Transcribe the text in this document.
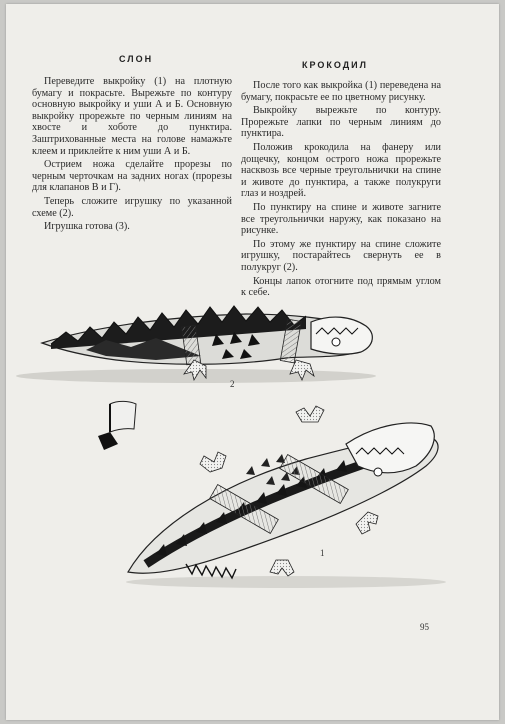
СЛОН
КРОКОДИЛ

Переведите выкройку (1) на плотную бумагу и покрасьте. Вырежьте по контуру основную выкройку и уши А и Б. Основную выкройку прорежьте по черным линиям на хвосте и хоботе до пунктира. Заштрихованные места на голове намажьте клеем и приклейте к ним уши А и Б.

Острием ножа сделайте прорезы по черным черточкам на задних ногах (прорезы для клапанов В и Г).

Теперь сложите игрушку по указанной схеме (2).

Игрушка готова (3).

После того как выкройка (1) переведена на бумагу, покрасьте ее по цветному рисунку.

Выкройку вырежьте по контуру. Прорежьте лапки по черным линиям до пунктира.

Положив крокодила на фанеру или дощечку, концом острого ножа прорежьте насквозь все черные треугольнички на спине и животе до пунктира, а также полукруги глаз и ноздрей.

По пунктиру на спине и животе загните все треугольнички наружу, как показано на рисунке.

По этому же пунктиру на спине сложите игрушку, постарайтесь свернуть ее в полукруг (2).

Концы лапок отогните под прямым углом к себе.

2
1
95
